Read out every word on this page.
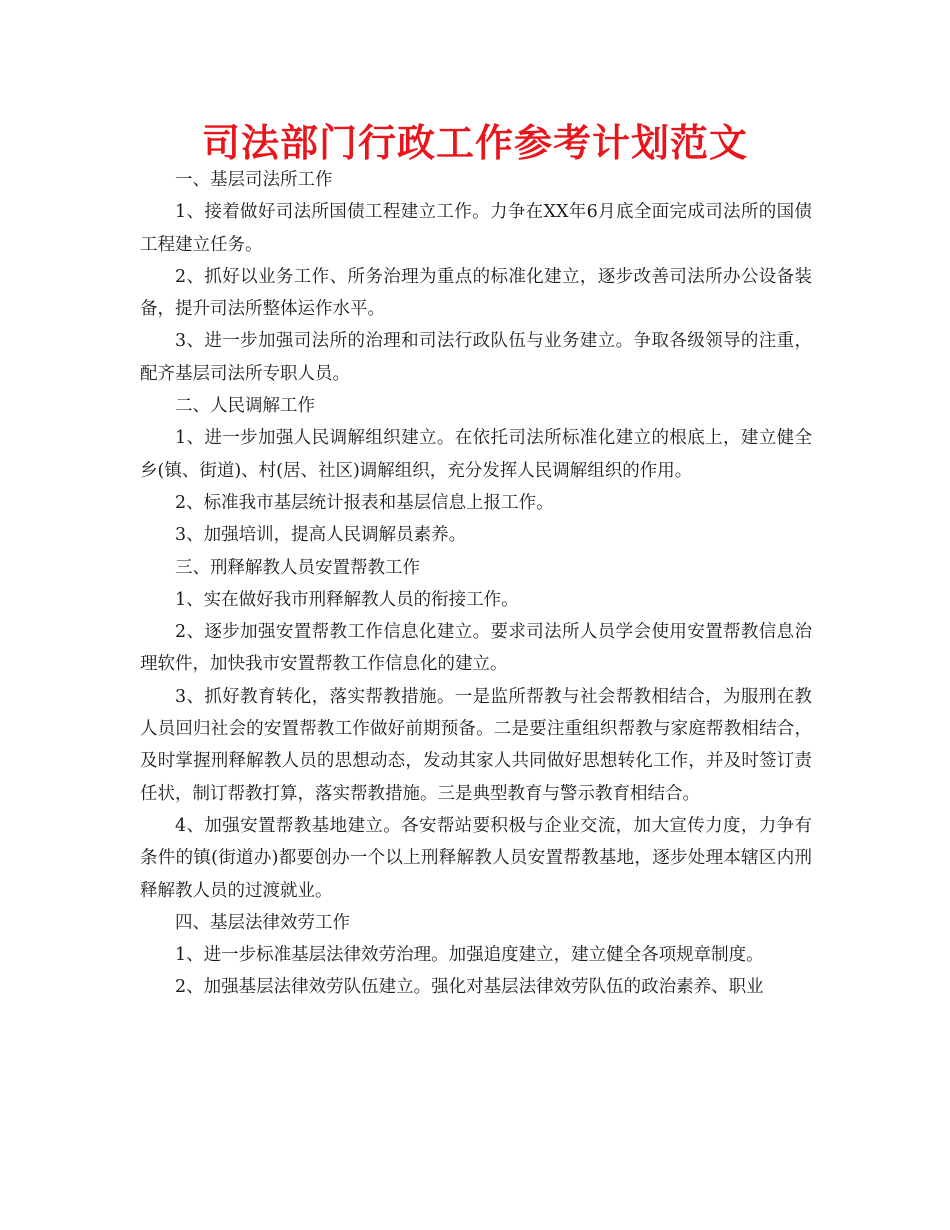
司法部门行政工作参考计划范文

一、基层司法所工作

1、接着做好司法所国债工程建立工作。力争在XX年6月底全面完成司法所的国债工程建立任务。

2、抓好以业务工作、所务治理为重点的标准化建立，逐步改善司法所办公设备装备，提升司法所整体运作水平。

3、进一步加强司法所的治理和司法行政队伍与业务建立。争取各级领导的注重，配齐基层司法所专职人员。

二、人民调解工作

1、进一步加强人民调解组织建立。在依托司法所标准化建立的根底上，建立健全乡(镇、街道)、村(居、社区)调解组织，充分发挥人民调解组织的作用。

2、标准我市基层统计报表和基层信息上报工作。

3、加强培训，提高人民调解员素养。

三、刑释解教人员安置帮教工作

1、实在做好我市刑释解教人员的衔接工作。

2、逐步加强安置帮教工作信息化建立。要求司法所人员学会使用安置帮教信息治理软件，加快我市安置帮教工作信息化的建立。

3、抓好教育转化，落实帮教措施。一是监所帮教与社会帮教相结合，为服刑在教人员回归社会的安置帮教工作做好前期预备。二是要注重组织帮教与家庭帮教相结合，及时掌握刑释解教人员的思想动态，发动其家人共同做好思想转化工作，并及时签订责任状，制订帮教打算，落实帮教措施。三是典型教育与警示教育相结合。

4、加强安置帮教基地建立。各安帮站要积极与企业交流，加大宣传力度，力争有条件的镇(街道办)都要创办一个以上刑释解教人员安置帮教基地，逐步处理本辖区内刑释解教人员的过渡就业。

四、基层法律效劳工作

1、进一步标准基层法律效劳治理。加强追度建立，建立健全各项规章制度。

2、加强基层法律效劳队伍建立。强化对基层法律效劳队伍的政治素养、职业
